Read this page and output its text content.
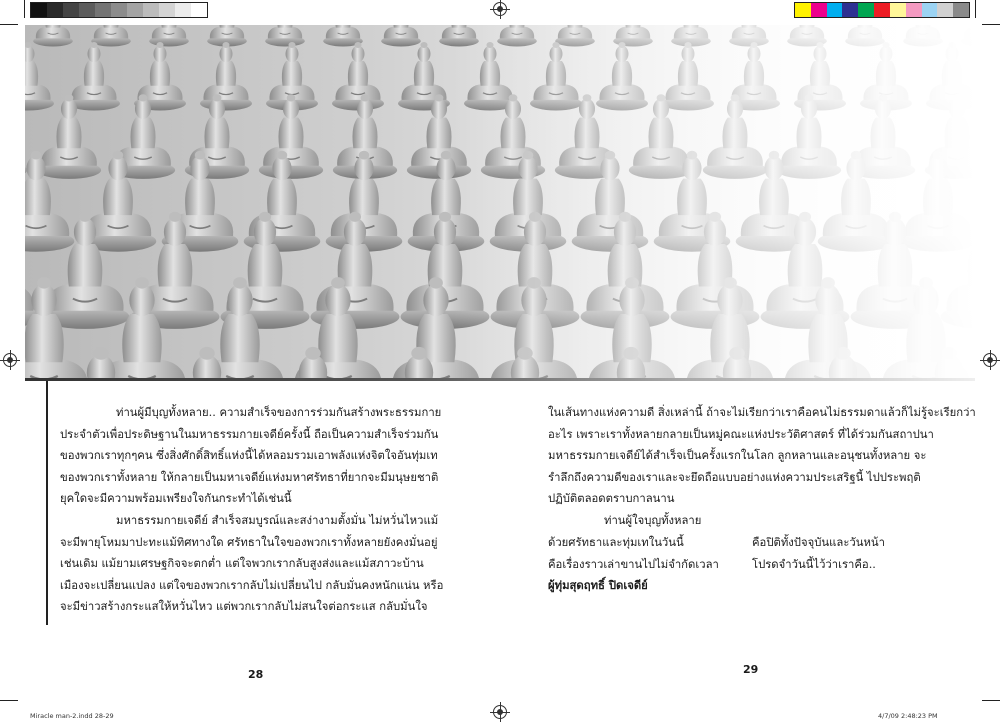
ท่านผู้มีบุญทั้งหลาย.. ความสำเร็จของการร่วมกันสร้างพระธรรมกาย
ประจำตัวเพื่อประดิษฐานในมหาธรรมกายเจดีย์ครั้งนี้ ถือเป็นความสำเร็จร่วมกัน
ของพวกเราทุกๆคน ซึ่งสิ่งศักดิ์สิทธิ์แห่งนี้ได้หลอมรวมเอาพลังแห่งจิตใจอันทุ่มเท
ของพวกเราทั้งหลาย ให้กลายเป็นมหาเจดีย์แห่งมหาศรัทธาที่ยากจะมีมนุษยชาติ
ยุคใดจะมีความพร้อมเพรียงใจกันกระทำได้เช่นนี้
มหาธรรมกายเจดีย์ สำเร็จสมบูรณ์และสง่างามตั้งมั่น ไม่หวั่นไหวแม้
จะมีพายุโหมมาปะทะแม้ทิศทางใด ศรัทธาในใจของพวกเราทั้งหลายยังคงมั่นอยู่
เช่นเดิม แม้ยามเศรษฐกิจจะตกต่ำ แต่ใจพวกเรากลับสูงส่งและแม้สภาวะบ้าน
เมืองจะเปลี่ยนแปลง แต่ใจของพวกเรากลับไม่เปลี่ยนไป กลับมั่นคงหนักแน่น หรือ
จะมีข่าวสร้างกระแสให้หวั่นไหว แต่พวกเรากลับไม่สนใจต่อกระแส กลับมั่นใจ
28
Miracle man-2.indd 28-29
ในเส้นทางแห่งความดี สิ่งเหล่านี้ ถ้าจะไม่เรียกว่าเราคือคนไม่ธรรมดาแล้วก็ไม่รู้จะเรียกว่า
อะไร เพราะเราทั้งหลายกลายเป็นหมู่คณะแห่งประวัติศาสตร์ ที่ได้ร่วมกันสถาปนา
มหาธรรมกายเจดีย์ได้สำเร็จเป็นครั้งแรกในโลก ลูกหลานและอนุชนทั้งหลาย จะ
รำลึกถึงความดีของเราและจะยึดถือแบบอย่างแห่งความประเสริฐนี้ ไปประพฤติ
ปฏิบัติตลอดตราบกาลนาน
ท่านผู้ใจบุญทั้งหลาย
ด้วยศรัทธาและทุ่มเทในวันนี้
คือเรื่องราวเล่าขานไปไม่จำกัดเวลา
คือปิติทั้งปัจจุบันและวันหน้า
โปรดจำวันนี้ไว้ว่าเราคือ..
ผู้ทุ่มสุดฤทธิ์ ปิดเจดีย์
29
4/7/09 2:48:23 PM
